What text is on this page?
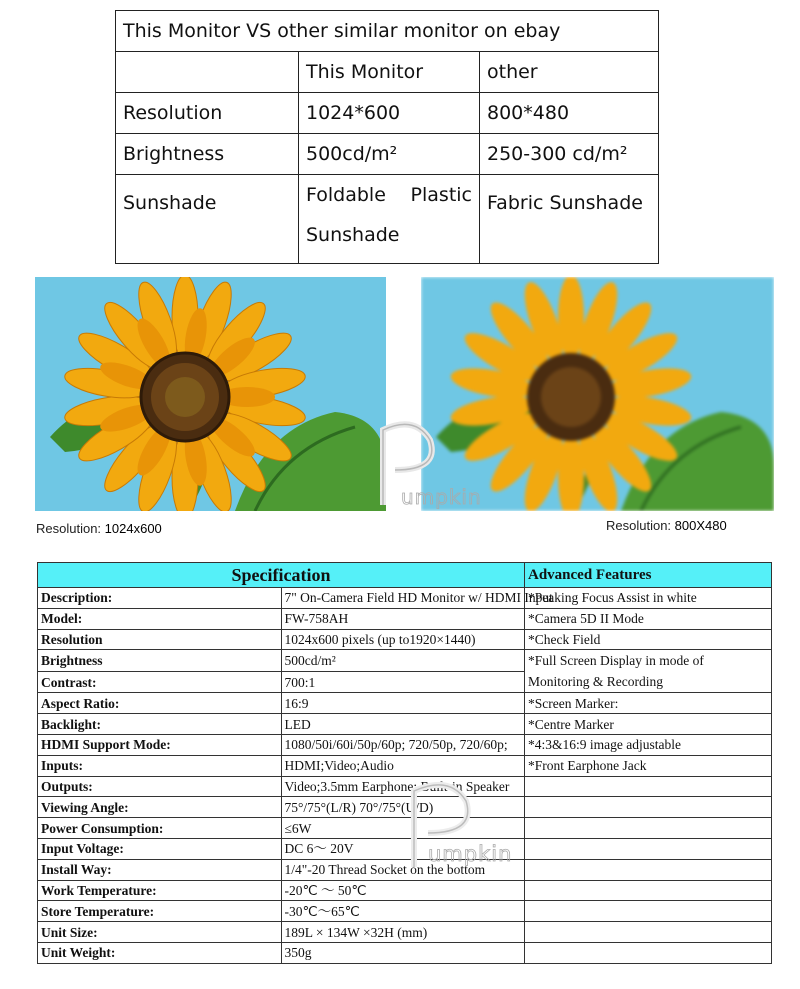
This Monitor VS other similar monitor on ebay		
	This Monitor	other
Resolution	1024*600	800*480
Brightness	500cd/m²	250-300 cd/m²
Sunshade	Foldable Plastic Sunshade	Fabric Sunshade
umpkin
Resolution: 1024x600	Resolution: 800X480
Specification		Advanced Features
Description:	7" On-Camera Field HD Monitor w/ HDMI Input	*Peaking Focus Assist in white
Model:	FW-758AH	*Camera 5D II Mode
Resolution	1024x600 pixels (up to1920×1440)	*Check Field
Brightness	500cd/m²	*Full Screen Display in mode of Monitoring & Recording
Contrast:	700:1	
Aspect Ratio:	16:9	*Screen Marker:
Backlight:	LED	*Centre Marker
HDMI Support Mode:	1080/50i/60i/50p/60p; 720/50p, 720/60p;	*4:3&16:9 image adjustable
Inputs:	HDMI;Video;Audio	*Front Earphone Jack
Outputs:	Video;3.5mm Earphone; Built-in Speaker	
Viewing Angle:	75°/75°(L/R) 70°/75°(U/D)	
Power Consumption:	≤6W	
Input Voltage:	DC 6～ 20V	
Install Way:	1/4"-20 Thread Socket on the bottom	
Work Temperature:	-20℃ ～ 50℃	
Store Temperature:	-30℃～65℃	
Unit Size:	189L × 134W ×32H (mm)	
Unit Weight:	350g	
umpkin
